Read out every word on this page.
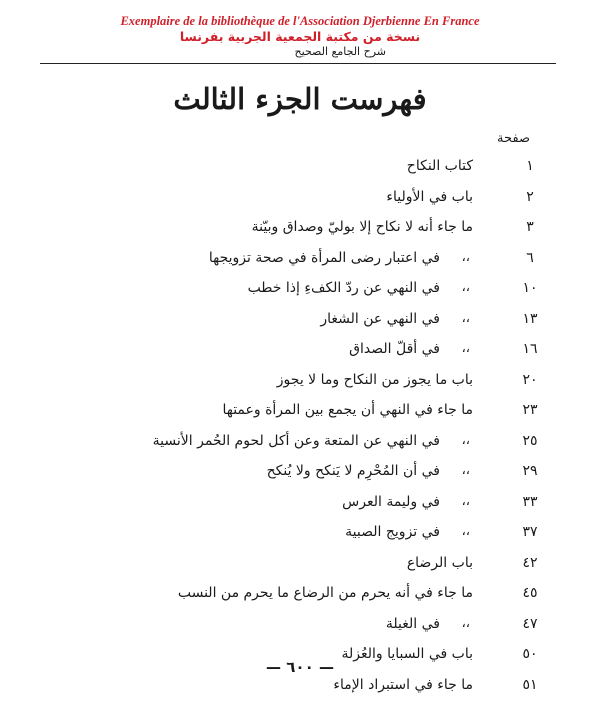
Exemplaire de la bibliothèque de l'Association Djerbienne En France
نسخة من مكتبة الجمعية الجربية بفرنسا
شرح الجامع الصحيح
فهرست الجزء الثالث
صفحة
١
كتاب النكاح
٢
باب في الأولياء
٣
ما جاء أنه لا نكاح إلا بوليّ وصداق وبيّنة
٦
،،
في اعتبار رضى المرأة في صحة تزويجها
١٠
،،
في النهي عن ردّ الكفءِ إذا خطب
١٣
،،
في النهي عن الشغار
١٦
،،
في أقلّ الصداق
٢٠
باب ما يجوز من النكاح وما لا يجوز
٢٣
ما جاء في النهي أن يجمع بين المرأة وعمتها
٢٥
،،
في النهي عن المتعة وعن أكل لحوم الحُمر الأنسية
٢٩
،،
في أن المُحْرِم لا يَنكح ولا يُنكح
٣٣
،،
في وليمة العرس
٣٧
،،
في تزويج الصبية
٤٢
باب الرضاع
٤٥
ما جاء في أنه يحرم من الرضاع ما يحرم من النسب
٤٧
،،
في الغيلة
٥٠
باب في السبايا والعُزلة
٥١
ما جاء في استبراد الإماء
— ٦٠٠ —
